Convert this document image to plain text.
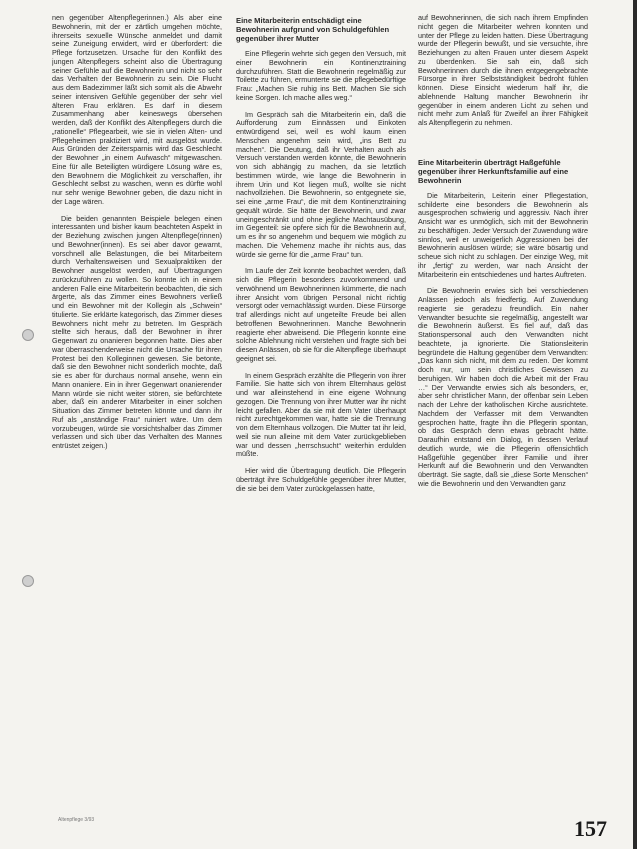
nen gegenüber Altenpflegerinnen.) Als aber eine Bewohnerin, mit der er zärtlich umgehen möchte, ihrerseits sexuelle Wünsche anmeldet und damit seine Zuneigung erwidert, wird er überfordert: die Pflege fortzusetzen. Ursache für den Konflikt des jungen Altenpflegers scheint also die Übertragung seiner Gefühle auf die Bewohnerin und nicht so sehr das Verhalten der Bewohnerin zu sein. Die Flucht aus dem Badezimmer läßt sich somit als die Abwehr seiner intensiven Gefühle gegenüber der sehr viel älteren Frau erklären. Es darf in diesem Zusammenhang aber keineswegs übersehen werden, daß der Konflikt des Altenpflegers durch die „rationelle“ Pflegearbeit, wie sie in vielen Alten- und Pflegeheimen praktiziert wird, mit ausgelöst wurde. Aus Gründen der Zeitersparnis wird das Geschlecht der Bewohner „in einem Aufwasch“ mitgewaschen. Eine für alle Beteiligten würdigere Lösung wäre es, den Bewohnern die Möglichkeit zu verschaffen, ihr Geschlecht selbst zu waschen, wenn es dürfte wohl nur sehr wenige Bewohner geben, die dazu nicht in der Lage wären.

Die beiden genannten Beispiele belegen einen interessanten und bisher kaum beachteten Aspekt in der Beziehung zwischen jungen Altenpflege(rinnen) und Bewohner(innen). Es sei aber davor gewarnt, vorschnell alle Belastungen, die bei Mitarbeitern durch Verhaltensweisen und Sexualpraktiken der Bewohner ausgelöst werden, auf Übertragungen zurückzuführen zu wollen. So konnte ich in einem anderen Falle eine Mitarbeiterin beobachten, die sich ärgerte, als das Zimmer eines Bewohners verließ und ein Bewohner mit der Kollegin als „Schwein“ titulierte. Sie erklärte kategorisch, das Zimmer dieses Bewohners nicht mehr zu betreten. Im Gespräch stellte sich heraus, daß der Bewohner in ihrer Gegenwart zu onanieren begonnen hatte. Dies aber war überraschenderweise nicht die Ursache für ihren Protest bei den Kolleginnen gewesen. Sie betonte, daß sie den Bewohner nicht sonderlich mochte, daß sie es aber für durchaus normal ansehe, wenn ein Mann onaniere. Ein in ihrer Gegenwart onanierender Mann würde sie nicht weiter stören, sie befürchtete aber, daß ein anderer Mitarbeiter in einer solchen Situation das Zimmer betreten könnte und dann ihr Ruf als „anständige Frau“ ruiniert wäre. Um dem vorzubeugen, würde sie vorsichtshalber das Zimmer verlassen und sich über das Verhalten des Mannes entrüstet zeigen.)

Eine Mitarbeiterin entschädigt eine Bewohnerin aufgrund von Schuldgefühlen gegenüber ihrer Mutter

Eine Pflegerin wehrte sich gegen den Versuch, mit einer Bewohnerin ein Kontinenztraining durchzuführen. Statt die Bewohnerin regelmäßig zur Toilette zu führen, ermunterte sie die pflegebedürftige Frau: „Machen Sie ruhig ins Bett. Machen Sie sich keine Sorgen. Ich mache alles weg.“

Im Gespräch sah die Mitarbeiterin ein, daß die Aufforderung zum Einnässen und Einkoten entwürdigend sei, weil es wohl kaum einen Menschen angenehm sein wird, „ins Bett zu machen“. Die Deutung, daß ihr Verhalten auch als Versuch verstanden werden könnte, die Bewohnerin von sich abhängig zu machen, da sie letztlich bestimmen würde, wie lange die Bewohnerin in ihrem Urin und Kot liegen muß, wollte sie nicht nachvollziehen. Die Bewohnerin, so entgegnete sie, sei eine „arme Frau“, die mit dem Kontinenztraining gequält würde. Sie hätte der Bewohnerin, und zwar uneingeschränkt und ohne jegliche Machtausübung, im Gegenteil: sie opfere sich für die Bewohnerin auf, um es ihr so angenehm und bequem wie möglich zu machen. Die Vehemenz mache ihr nichts aus, das würde sie gerne für die „arme Frau“ tun.

Im Laufe der Zeit konnte beobachtet werden, daß sich die Pflegerin besonders zuvorkommend und verwöhnend um Bewohnerinnen kümmerte, die nach ihrer Ansicht vom übrigen Personal nicht richtig versorgt oder vernachlässigt wurden. Diese Fürsorge traf allerdings nicht auf ungeteilte Freude bei allen betroffenen Bewohnerinnen. Manche Bewohnerin reagierte eher abweisend. Die Pflegerin konnte eine solche Ablehnung nicht verstehen und fragte sich bei diesen Anlässen, ob sie für die Altenpflege überhaupt geeignet sei.

In einem Gespräch erzählte die Pflegerin von ihrer Familie. Sie hatte sich von ihrem Elternhaus gelöst und war alleinstehend in eine eigene Wohnung gezogen. Die Trennung von ihrer Mutter war ihr nicht leicht gefallen. Aber da sie mit dem Vater überhaupt nicht zurechtgekommen war, hatte sie die Trennung von dem Elternhaus vollzogen. Die Mutter tat ihr leid, weil sie nun alleine mit dem Vater zurückgeblieben war und dessen „herrschsucht“ weiterhin erdulden müßte.

Hier wird die Übertragung deutlich. Die Pflegerin überträgt ihre Schuldgefühle gegenüber ihrer Mutter, die sie bei dem Vater zurückgelassen hatte,

auf Bewohnerinnen, die sich nach ihrem Empfinden nicht gegen die Mitarbeiter wehren konnten und unter der Pflege zu leiden hatten. Diese Übertragung wurde der Pflegerin bewußt, und sie versuchte, ihre Beziehungen zu alten Frauen unter diesem Aspekt zu überdenken. Sie sah ein, daß sich Bewohnerinnen durch die ihnen entgegengebrachte Fürsorge in ihrer Selbstständigkeit bedroht fühlen können. Diese Einsicht wiederum half ihr, die ablehnende Haltung mancher Bewohnerin ihr gegenüber in einem anderen Licht zu sehen und nicht mehr zum Anlaß für Zweifel an ihrer Fähigkeit als Altenpflegerin zu nehmen.

Eine Mitarbeiterin überträgt Haßgefühle gegenüber ihrer Herkunftsfamilie auf eine Bewohnerin

Die Mitarbeiterin, Leiterin einer Pflegestation, schilderte eine besonders die Bewohnerin als ausgesprochen schwierig und aggressiv. Nach ihrer Ansicht war es unmöglich, sich mit der Bewohnerin zu beschäftigen. Jeder Versuch der Zuwendung wäre sinnlos, weil er unweigerlich Aggressionen bei der Bewohnerin auslösen würde; sie wäre bösartig und scheue sich nicht zu schlagen. Der einzige Weg, mit ihr „fertig“ zu werden, war nach Ansicht der Mitarbeiterin ein entschiedenes und hartes Auftreten.

Die Bewohnerin erwies sich bei verschiedenen Anlässen jedoch als friedfertig. Auf Zuwendung reagierte sie geradezu freundlich. Ein naher Verwandter besuchte sie regelmäßig, angestellt war die Bewohnerin äußerst. Es fiel auf, daß das Stationspersonal auch den Verwandten nicht beachtete, ja ignorierte. Die Stationsleiterin begründete die Haltung gegenüber dem Verwandten: „Das kann sich nicht, mit dem zu reden. Der kommt doch nur, um sein christliches Gewissen zu beruhigen. Wir haben doch die Arbeit mit der Frau …“ Der Verwandte erwies sich als besonders, er, aber sehr christlicher Mann, der offenbar sein Leben nach der Lehre der katholischen Kirche ausrichtete. Nachdem der Verfasser mit dem Verwandten gesprochen hatte, fragte ihn die Pflegerin spontan, ob das Gespräch denn etwas gebracht hätte. Daraufhin entstand ein Dialog, in dessen Verlauf deutlich wurde, wie die Pflegerin offensichtlich Haßgefühle gegenüber ihrer Familie und ihrer Herkunft auf die Bewohnerin und den Verwandten überträgt. Sie sagte, daß sie „diese Sorte Menschen“ wie die Bewohnerin und den Verwandten ganz

Altenpflege 3/93	157
